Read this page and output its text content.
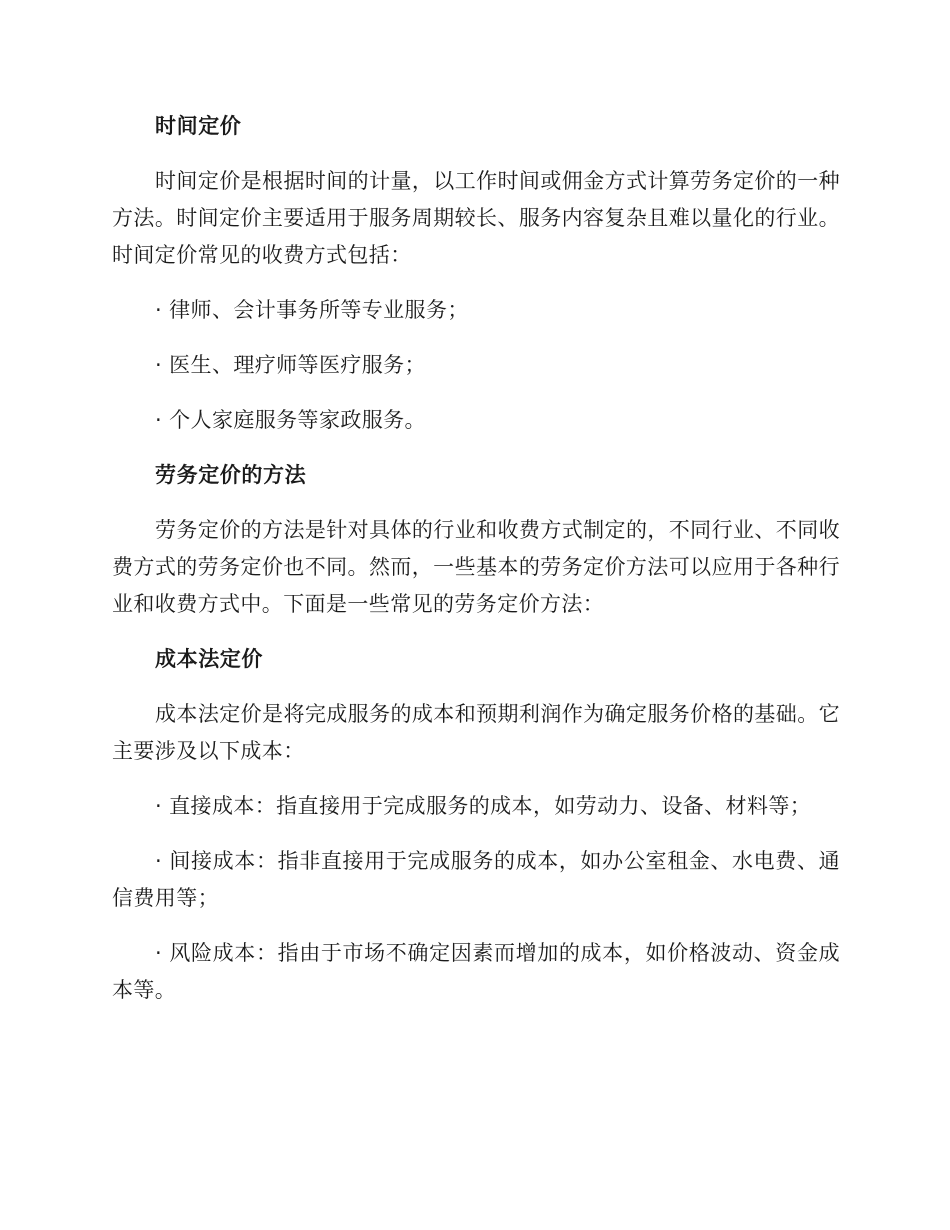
时间定价
时间定价是根据时间的计量，以工作时间或佣金方式计算劳务定价的一种方法。时间定价主要适用于服务周期较长、服务内容复杂且难以量化的行业。时间定价常见的收费方式包括：
· 律师、会计事务所等专业服务；
· 医生、理疗师等医疗服务；
· 个人家庭服务等家政服务。
劳务定价的方法
劳务定价的方法是针对具体的行业和收费方式制定的，不同行业、不同收费方式的劳务定价也不同。然而，一些基本的劳务定价方法可以应用于各种行业和收费方式中。下面是一些常见的劳务定价方法：
成本法定价
成本法定价是将完成服务的成本和预期利润作为确定服务价格的基础。它主要涉及以下成本：
· 直接成本：指直接用于完成服务的成本，如劳动力、设备、材料等；
· 间接成本：指非直接用于完成服务的成本，如办公室租金、水电费、通信费用等；
· 风险成本：指由于市场不确定因素而增加的成本，如价格波动、资金成本等。
